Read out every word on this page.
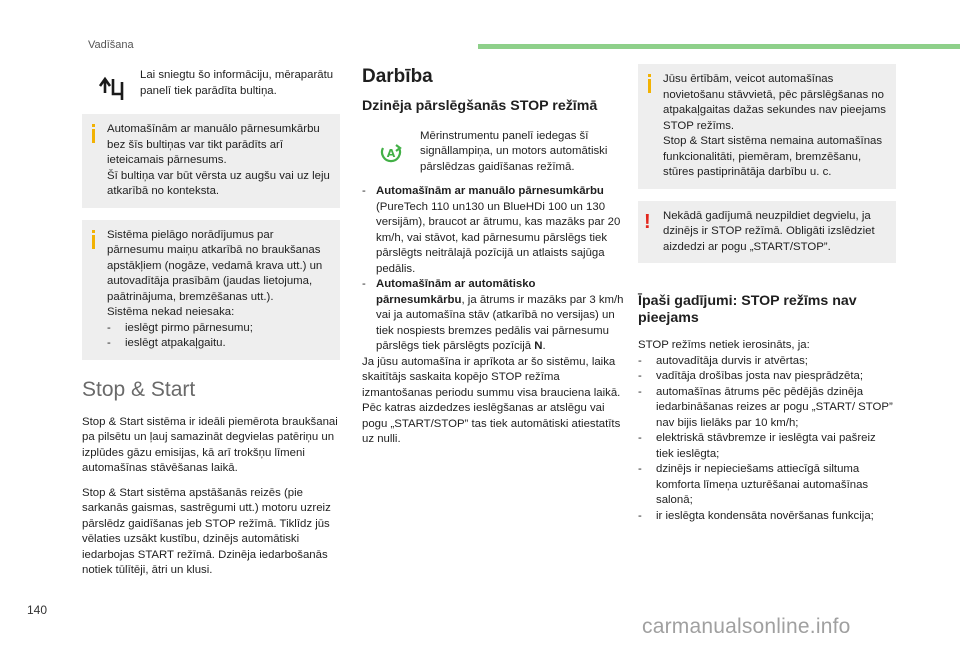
Vadīšana
Lai sniegtu šo informāciju, mēraparātu panelī tiek parādīta bultiņa.

Automašīnām ar manuālo pārnesumkārbu bez šīs bultiņas var tikt parādīts arī ieteicamais pārnesums.

Šī bultiņa var būt vērsta uz augšu vai uz leju atkarībā no konteksta.

Sistēma pielāgo norādījumus par pārnesumu maiņu atkarībā no braukšanas apstākļiem (nogāze, vedamā krava utt.) un autovadītāja prasībām (jaudas lietojuma, paātrinājuma, bremzēšanas utt.).

Sistēma nekad neiesaka:

-	ieslēgt pirmo pārnesumu;
-	ieslēgt atpakaļgaitu.
Stop & Start

Stop & Start sistēma ir ideāli piemērota braukšanai pa pilsētu un ļauj samazināt degvielas patēriņu un izplūdes gāzu emisijas, kā arī trokšņu līmeni automašīnas stāvēšanas laikā.

Stop & Start sistēma apstāšanās reizēs (pie sarkanās gaismas, sastrēgumi utt.) motoru uzreiz pārslēdz gaidīšanas jeb STOP režīmā. Tiklīdz jūs vēlaties uzsākt kustību, dzinējs automātiski iedarbojas START režīmā. Dzinēja iedarbošanās notiek tūlītēji, ātri un klusi.

Darbība
Dzinēja pārslēgšanās STOP režīmā
A
Mērinstrumentu panelī iedegas šī signāllampiņa, un motors automātiski pārslēdzas gaidīšanas režīmā.
- Automašīnām ar manuālo pārnesumkārbu (PureTech 110 un130 un BlueHDi 100 un 130 versijām), braucot ar ātrumu, kas mazāks par 20 km/h, vai stāvot, kad pārnesumu pārslēgs tiek pārslēgts neitrālajā pozīcijā un atlaists sajūga pedālis.
- Automašīnām ar automātisko pārnesumkārbu, ja ātrums ir mazāks par 3 km/h vai ja automašīna stāv (atkarībā no versijas) un tiek nospiests bremzes pedālis vai pārnesumu pārslēgs tiek pārslēgts pozīcijā N.

Ja jūsu automašīna ir aprīkota ar šo sistēmu, laika skaitītājs saskaita kopējo STOP režīma izmantošanas periodu summu visa brauciena laikā. Pēc katras aizdedzes ieslēgšanas ar atslēgu vai pogu „START/STOP” tas tiek automātiski atiestatīts uz nulli.

Jūsu ērtībām, veicot automašīnas novietošanu stāvvietā, pēc pārslēgšanas no atpakaļgaitas dažas sekundes nav pieejams STOP režīms.

Stop & Start sistēma nemaina automašīnas funkcionalitāti, piemēram, bremzēšanu, stūres pastiprinātāja darbību u. c.

! Nekādā gadījumā neuzpildiet degvielu, ja dzinējs ir STOP režīmā. Obligāti izslēdziet aizdedzi ar pogu „START/STOP”.

Īpaši gadījumi: STOP režīms nav pieejams

STOP režīms netiek ierosināts, ja:

-	autovadītāja durvis ir atvērtas;
-	vadītāja drošības josta nav piesprādzēta;
-	automašīnas ātrums pēc pēdējās dzinēja iedarbināšanas reizes ar pogu „START/ STOP” nav bijis lielāks par 10 km/h;
-	elektriskā stāvbremze ir ieslēgta vai pašreiz tiek ieslēgta;
-	dzinējs ir nepieciešams attiecīgā siltuma komforta līmeņa uzturēšanai automašīnas salonā;
-	ir ieslēgta kondensāta novēršanas funkcija;
140
carmanualsonline.info
